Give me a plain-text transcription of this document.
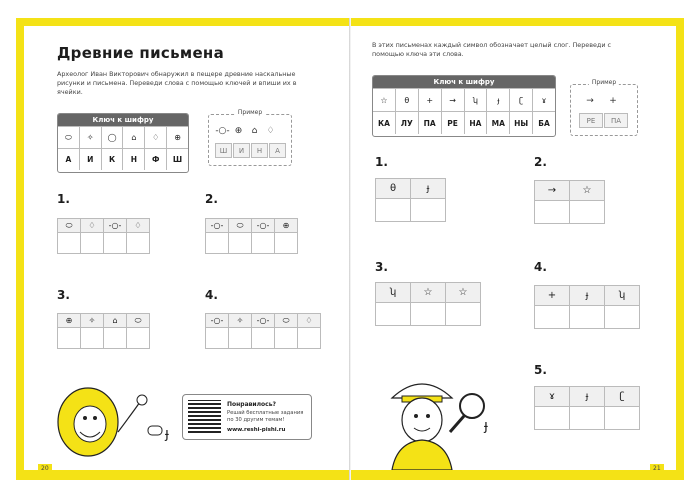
Древние письмена
Археолог Иван Викторович обнаружил в пещере древние наскальные рисунки и письмена. Переведи слова с помощью ключей и впиши их в ячейки.
Ключ к шифру
⬭	✧	◯	⌂	♢	⊕
А	И	К	Н	Ф	Ш
Пример
-○- ⊕	⌂	♢
Ш	И	Н	А
1.
⬭	♢	-○-	♢
2.
-○-	⬭	-○-	⊕
3.
⊕	✧	⌂	⬭
4.
-○-	✧	-○-	⬭	♢
ɟ
Понравилось?
Решай бесплатные задания по 30 другим темам!
www.reshi-pishi.ru
20
В этих письменах каждый символ обозначает целый слог. Переведи с помощью ключа эти слова.
Ключ к шифру
☆	θ	+	→	ʮ	ɟ	ʗ	ɤ
КА	ЛУ	ПА	РЕ	НА	МА	НЫ	БА
Пример
→	+
РЕ	ПА
1.
θ	ɟ
2.
→	☆
3.
ʮ	☆	☆
4.
+	ɟ	ʮ
5.
ɤ	ɟ	ʗ
ɟ
21
